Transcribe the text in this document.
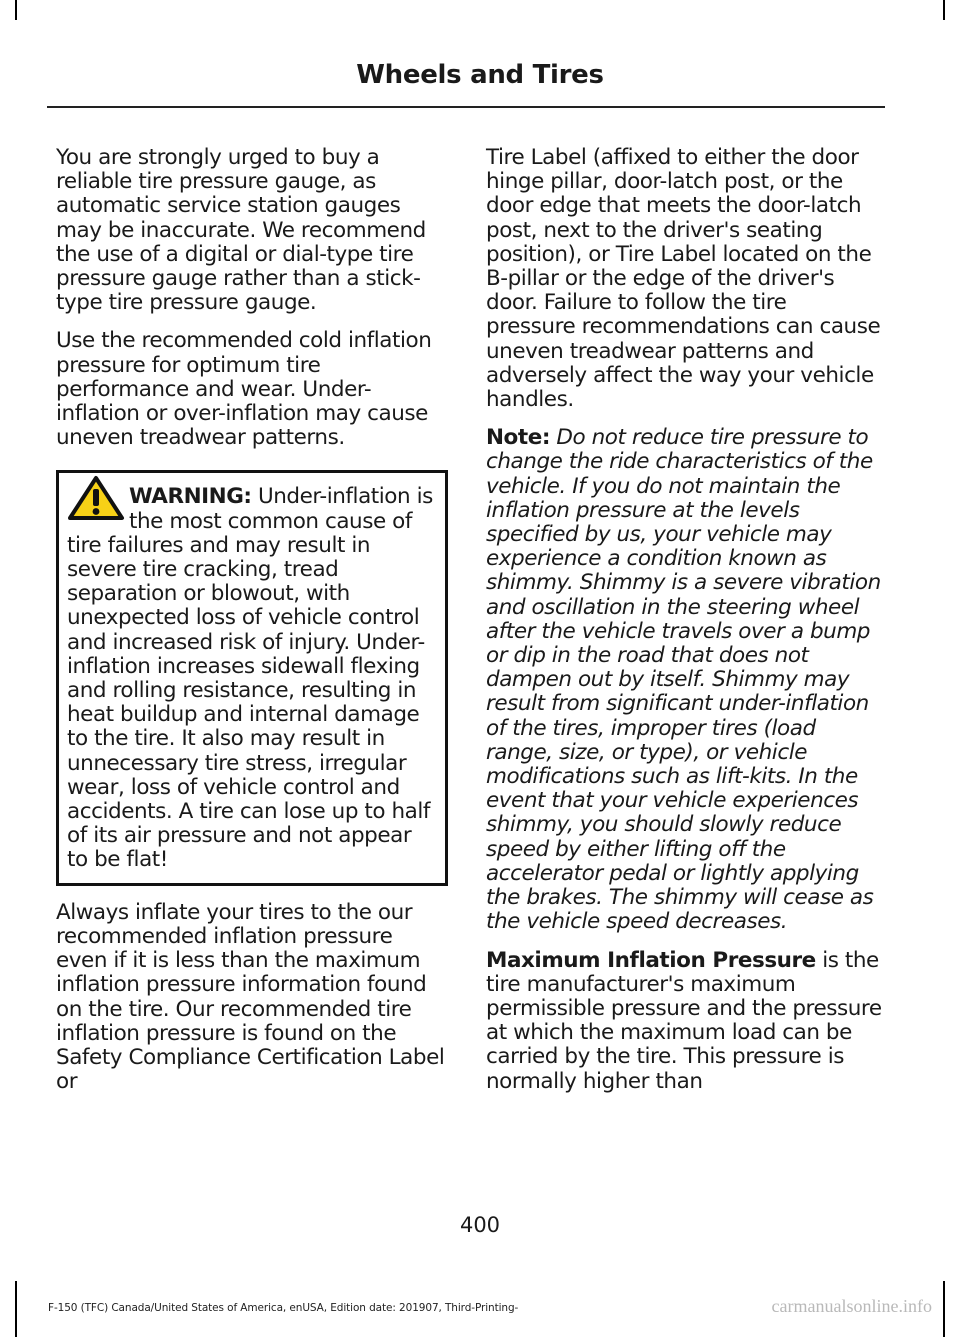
Wheels and Tires

You are strongly urged to buy a reliable tire pressure gauge, as automatic service station gauges may be inaccurate. We recommend the use of a digital or dial-type tire pressure gauge rather than a stick-type tire pressure gauge.

Use the recommended cold inflation pressure for optimum tire performance and wear. Under-inflation or over-inflation may cause uneven treadwear patterns.

WARNING: Under-inflation is the most common cause of tire failures and may result in severe tire cracking, tread separation or blowout, with unexpected loss of vehicle control and increased risk of injury. Under-inflation increases sidewall flexing and rolling resistance, resulting in heat buildup and internal damage to the tire. It also may result in unnecessary tire stress, irregular wear, loss of vehicle control and accidents. A tire can lose up to half of its air pressure and not appear to be flat!

Always inflate your tires to the our recommended inflation pressure even if it is less than the maximum inflation pressure information found on the tire. Our recommended tire inflation pressure is found on the Safety Compliance Certification Label or

Tire Label (affixed to either the door hinge pillar, door-latch post, or the door edge that meets the door-latch post, next to the driver's seating position), or Tire Label located on the B-pillar or the edge of the driver's door. Failure to follow the tire pressure recommendations can cause uneven treadwear patterns and adversely affect the way your vehicle handles.

Note: Do not reduce tire pressure to change the ride characteristics of the vehicle. If you do not maintain the inflation pressure at the levels specified by us, your vehicle may experience a condition known as shimmy. Shimmy is a severe vibration and oscillation in the steering wheel after the vehicle travels over a bump or dip in the road that does not dampen out by itself. Shimmy may result from significant under-inflation of the tires, improper tires (load range, size, or type), or vehicle modifications such as lift-kits. In the event that your vehicle experiences shimmy, you should slowly reduce speed by either lifting off the accelerator pedal or lightly applying the brakes. The shimmy will cease as the vehicle speed decreases.

Maximum Inflation Pressure is the tire manufacturer's maximum permissible pressure and the pressure at which the maximum load can be carried by the tire. This pressure is normally higher than

400
F-150 (TFC) Canada/United States of America, enUSA, Edition date: 201907, Third-Printing-	carmanualsonline.info
